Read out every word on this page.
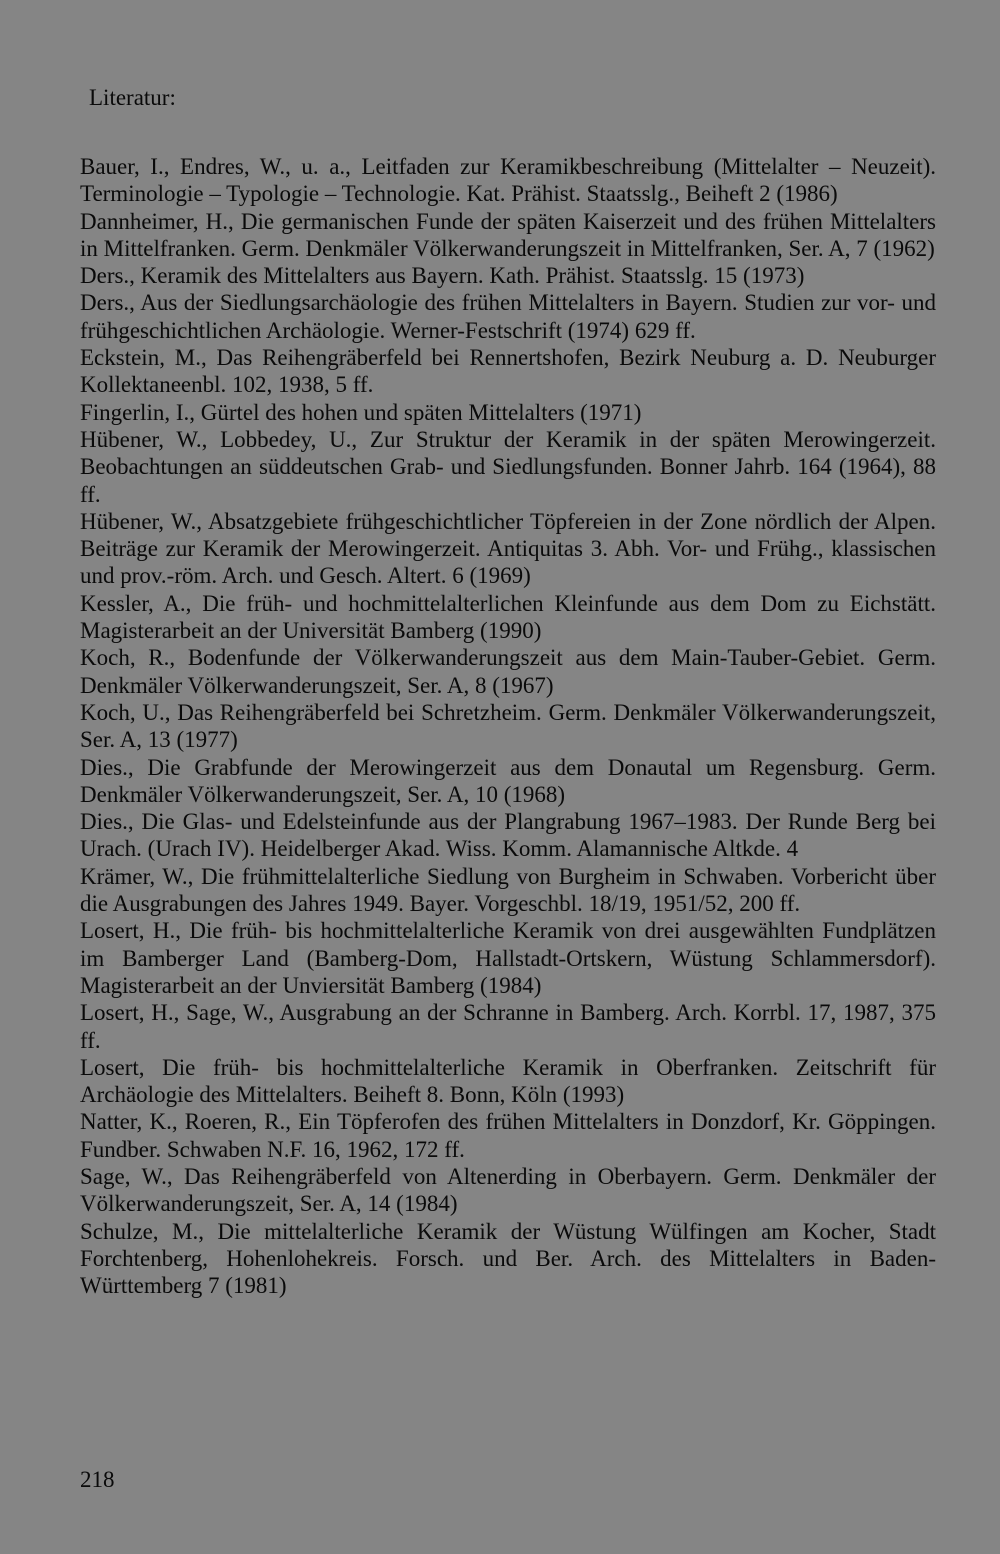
Literatur:
Bauer, I., Endres, W., u. a., Leitfaden zur Keramikbeschreibung (Mittelalter – Neuzeit). Terminologie – Typologie – Technologie. Kat. Prähist. Staatsslg., Beiheft 2 (1986)
Dannheimer, H., Die germanischen Funde der späten Kaiserzeit und des frühen Mittelalters in Mittelfranken. Germ. Denkmäler Völkerwanderungszeit in Mittelfranken, Ser. A, 7 (1962)
Ders., Keramik des Mittelalters aus Bayern. Kath. Prähist. Staatsslg. 15 (1973)
Ders., Aus der Siedlungsarchäologie des frühen Mittelalters in Bayern. Studien zur vor- und frühgeschichtlichen Archäologie. Werner-Festschrift (1974) 629 ff.
Eckstein, M., Das Reihengräberfeld bei Rennertshofen, Bezirk Neuburg a. D. Neuburger Kollektaneenbl. 102, 1938, 5 ff.
Fingerlin, I., Gürtel des hohen und späten Mittelalters (1971)
Hübener, W., Lobbedey, U., Zur Struktur der Keramik in der späten Merowingerzeit. Beobachtungen an süddeutschen Grab- und Siedlungsfunden. Bonner Jahrb. 164 (1964), 88 ff.
Hübener, W., Absatzgebiete frühgeschichtlicher Töpfereien in der Zone nördlich der Alpen. Beiträge zur Keramik der Merowingerzeit. Antiquitas 3. Abh. Vor- und Frühg., klassischen und prov.-röm. Arch. und Gesch. Altert. 6 (1969)
Kessler, A., Die früh- und hochmittelalterlichen Kleinfunde aus dem Dom zu Eichstätt. Magisterarbeit an der Universität Bamberg (1990)
Koch, R., Bodenfunde der Völkerwanderungszeit aus dem Main-Tauber-Gebiet. Germ. Denkmäler Völkerwanderungszeit, Ser. A, 8 (1967)
Koch, U., Das Reihengräberfeld bei Schretzheim. Germ. Denkmäler Völkerwanderungszeit, Ser. A, 13 (1977)
Dies., Die Grabfunde der Merowingerzeit aus dem Donautal um Regensburg. Germ. Denkmäler Völkerwanderungszeit, Ser. A, 10 (1968)
Dies., Die Glas- und Edelsteinfunde aus der Plangrabung 1967–1983. Der Runde Berg bei Urach. (Urach IV). Heidelberger Akad. Wiss. Komm. Alamannische Altkde. 4
Krämer, W., Die frühmittelalterliche Siedlung von Burgheim in Schwaben. Vorbericht über die Ausgrabungen des Jahres 1949. Bayer. Vorgeschbl. 18/19, 1951/52, 200 ff.
Losert, H., Die früh- bis hochmittelalterliche Keramik von drei ausgewählten Fundplätzen im Bamberger Land (Bamberg-Dom, Hallstadt-Ortskern, Wüstung Schlammersdorf). Magisterarbeit an der Unviersität Bamberg (1984)
Losert, H., Sage, W., Ausgrabung an der Schranne in Bamberg. Arch. Korrbl. 17, 1987, 375 ff.
Losert, Die früh- bis hochmittelalterliche Keramik in Oberfranken. Zeitschrift für Archäologie des Mittelalters. Beiheft 8. Bonn, Köln (1993)
Natter, K., Roeren, R., Ein Töpferofen des frühen Mittelalters in Donzdorf, Kr. Göppingen. Fundber. Schwaben N.F. 16, 1962, 172 ff.
Sage, W., Das Reihengräberfeld von Altenerding in Oberbayern. Germ. Denkmäler der Völkerwanderungszeit, Ser. A, 14 (1984)
Schulze, M., Die mittelalterliche Keramik der Wüstung Wülfingen am Kocher, Stadt Forchtenberg, Hohenlohekreis. Forsch. und Ber. Arch. des Mittelalters in Baden-Württemberg 7 (1981)
218
